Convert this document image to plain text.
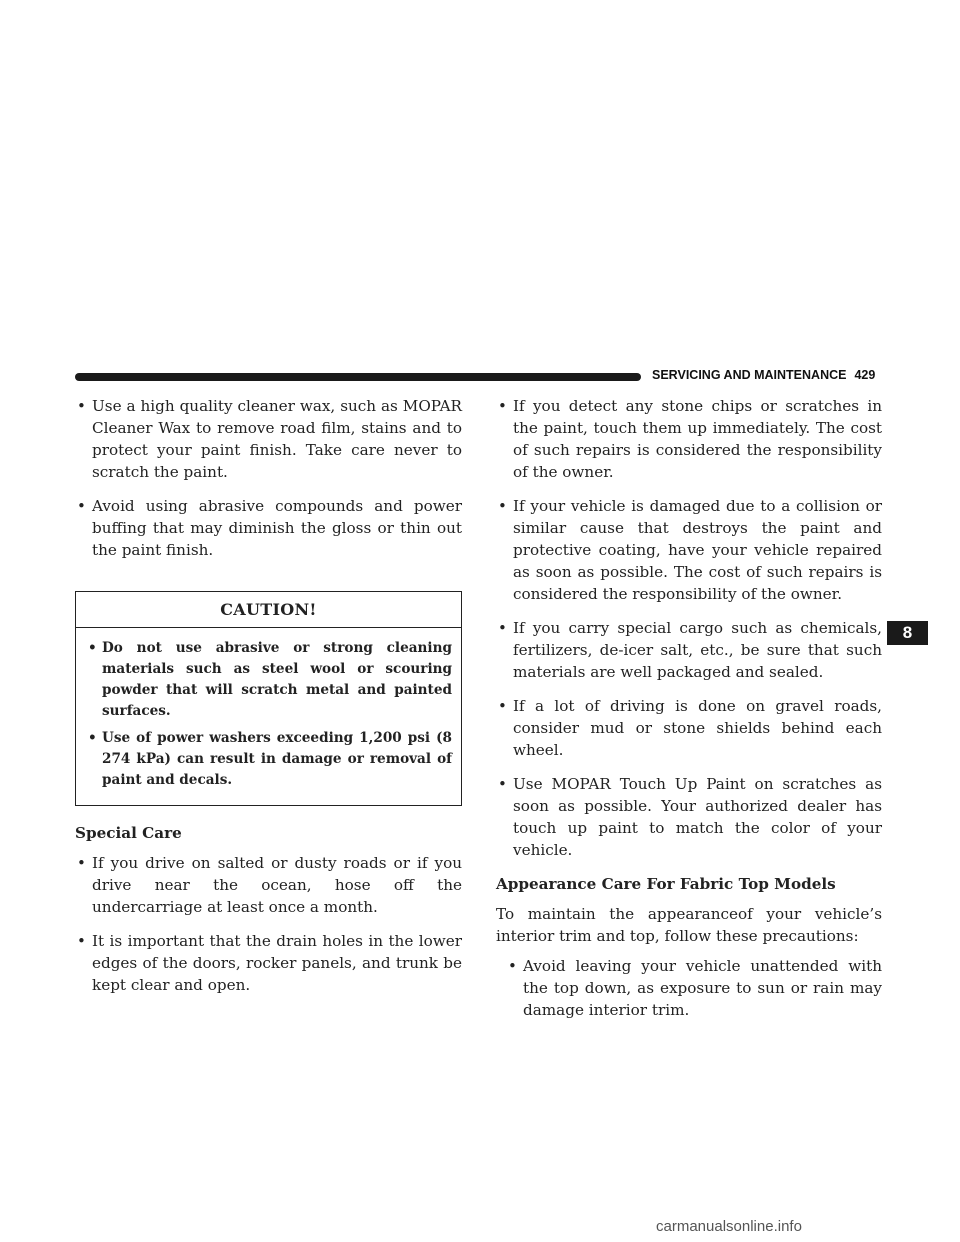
SERVICING AND MAINTENANCE 429
• Use a high quality cleaner wax, such as MOPAR Cleaner Wax to remove road film, stains and to protect your paint finish. Take care never to scratch the paint.
• Avoid using abrasive compounds and power buffing that may diminish the gloss or thin out the paint finish.
CAUTION!
• Do not use abrasive or strong cleaning materials such as steel wool or scouring powder that will scratch metal and painted surfaces.
• Use of power washers exceeding 1,200 psi (8 274 kPa) can result in damage or removal of paint and decals.
Special Care
• If you drive on salted or dusty roads or if you drive near the ocean, hose off the undercarriage at least once a month.
• It is important that the drain holes in the lower edges of the doors, rocker panels, and trunk be kept clear and open.
• If you detect any stone chips or scratches in the paint, touch them up immediately. The cost of such repairs is considered the responsibility of the owner.
• If your vehicle is damaged due to a collision or similar cause that destroys the paint and protective coating, have your vehicle repaired as soon as possible. The cost of such repairs is considered the responsibility of the owner.
• If you carry special cargo such as chemicals, fertilizers, de-icer salt, etc., be sure that such materials are well packaged and sealed.
• If a lot of driving is done on gravel roads, consider mud or stone shields behind each wheel.
• Use MOPAR Touch Up Paint on scratches as soon as possible. Your authorized dealer has touch up paint to match the color of your vehicle.
Appearance Care For Fabric Top Models
To maintain the appearanceof your vehicle’s interior trim and top, follow these precautions:
• Avoid leaving your vehicle unattended with the top down, as exposure to sun or rain may damage interior trim.
8
carmanualsonline.info
